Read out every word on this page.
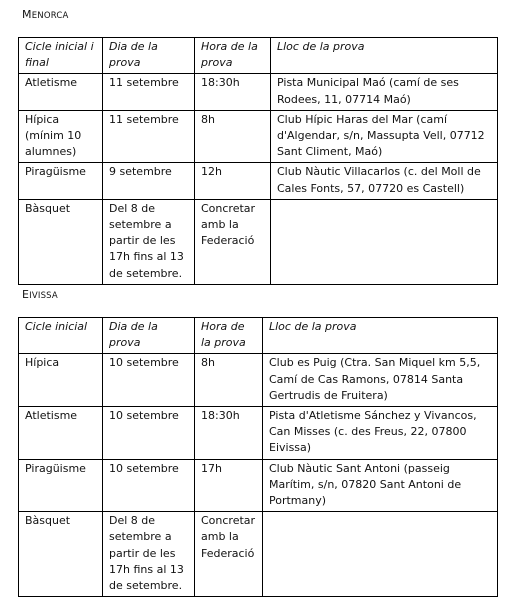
MENORCA
Cicle inicial i final	Dia de la prova	Hora de la prova	Lloc de la prova
Atletisme	11 setembre	18:30h	Pista Municipal Maó (camí de ses Rodees, 11, 07714 Maó)
Hípica (mínim 10 alumnes)	11 setembre	8h	Club Hípic Haras del Mar (camí d'Algendar, s/n, Massupta Vell, 07712 Sant Climent, Maó)
Piragüisme	9 setembre	12h	Club Nàutic Villacarlos (c. del Moll de Cales Fonts, 57, 07720 es Castell)
Bàsquet	Del 8 de setembre a partir de les 17h fins al 13 de setembre.	Concretar amb la Federació	
EIVISSA
Cicle inicial	Dia de la prova	Hora de la prova	Lloc de la prova
Hípica	10 setembre	8h	Club es Puig (Ctra. San Miquel km 5,5, Camí de Cas Ramons, 07814 Santa Gertrudis de Fruitera)
Atletisme	10 setembre	18:30h	Pista d'Atletisme Sánchez y Vivancos, Can Misses (c. des Freus, 22, 07800 Eivissa)
Piragüisme	10 setembre	17h	Club Nàutic Sant Antoni (passeig Marítim, s/n, 07820 Sant Antoni de Portmany)
Bàsquet	Del 8 de setembre a partir de les 17h fins al 13 de setembre.	Concretar amb la Federació	
